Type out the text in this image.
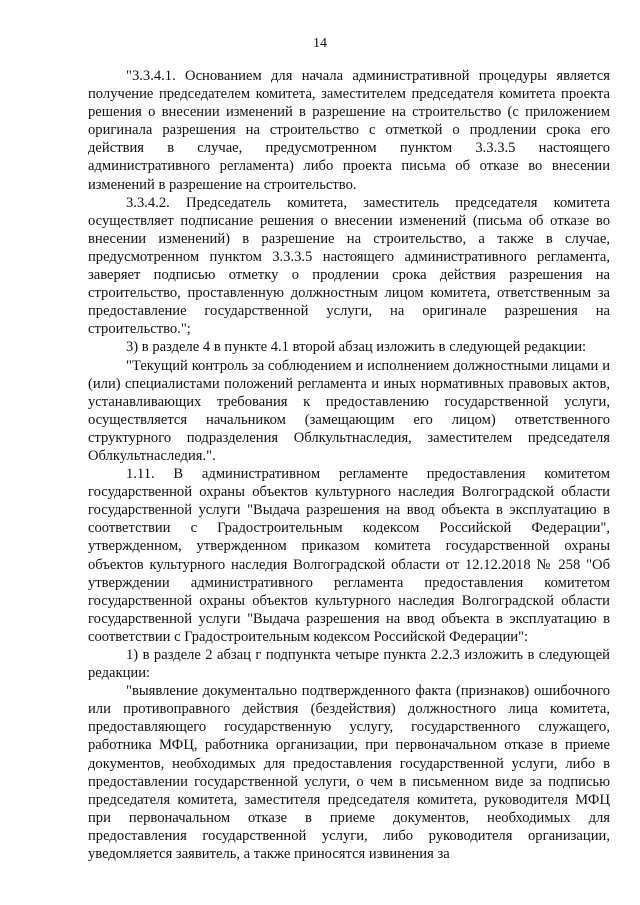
14

"3.3.4.1. Основанием для начала административной процедуры является получение председателем комитета, заместителем председателя комитета проекта решения о внесении изменений в разрешение на строительство (с приложением оригинала разрешения на строительство с отметкой о продлении срока его действия в случае, предусмотренном пунктом 3.3.3.5 настоящего административного регламента) либо проекта письма об отказе во внесении изменений в разрешение на строительство.

3.3.4.2. Председатель комитета, заместитель председателя комитета осуществляет подписание решения о внесении изменений (письма об отказе во внесении изменений) в разрешение на строительство, а также в случае, предусмотренном пунктом 3.3.3.5 настоящего административного регламента, заверяет подписью отметку о продлении срока действия разрешения на строительство, проставленную должностным лицом комитета, ответственным за предоставление государственной услуги, на оригинале разрешения на строительство.";

3) в разделе 4 в пункте 4.1 второй абзац изложить в следующей редакции:

"Текущий контроль за соблюдением и исполнением должностными лицами и (или) специалистами положений регламента и иных нормативных правовых актов, устанавливающих требования к предоставлению государственной услуги, осуществляется начальником (замещающим его лицом) ответственного структурного подразделения Облкультнаследия, заместителем председателя Облкультнаследия.".

1.11. В административном регламенте предоставления комитетом государственной охраны объектов культурного наследия Волгоградской области государственной услуги "Выдача разрешения на ввод объекта в эксплуатацию в соответствии с Градостроительным кодексом Российской Федерации", утвержденном, утвержденном приказом комитета государственной охраны объектов культурного наследия Волгоградской области от 12.12.2018 № 258 "Об утверждении административного регламента предоставления комитетом государственной охраны объектов культурного наследия Волгоградской области государственной услуги "Выдача разрешения на ввод объекта в эксплуатацию в соответствии с Градостроительным кодексом Российской Федерации":

1) в разделе 2 абзац г подпункта четыре пункта 2.2.3 изложить в следующей редакции:

"выявление документально подтвержденного факта (признаков) ошибочного или противоправного действия (бездействия) должностного лица комитета, предоставляющего государственную услугу, государственного служащего, работника МФЦ, работника организации, при первоначальном отказе в приеме документов, необходимых для предоставления государственной услуги, либо в предоставлении государственной услуги, о чем в письменном виде за подписью председателя комитета, заместителя председателя комитета, руководителя МФЦ при первоначальном отказе в приеме документов, необходимых для предоставления государственной услуги, либо руководителя организации, уведомляется заявитель, а также приносятся извинения за
